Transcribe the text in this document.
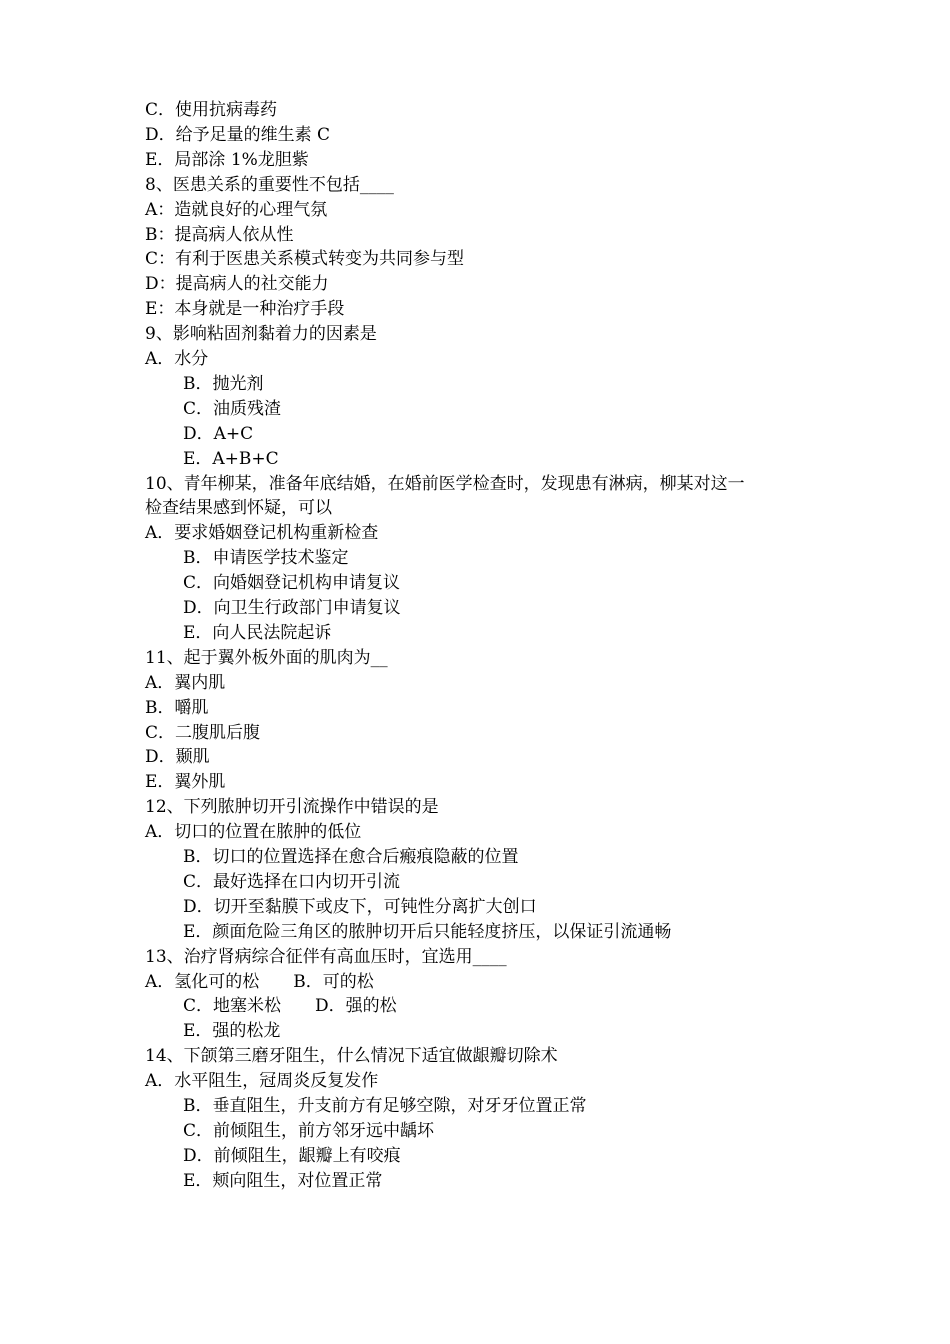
C．使用抗病毒药
D．给予足量的维生素 C
E．局部涂 1%龙胆紫
8、医患关系的重要性不包括____
A：造就良好的心理气氛
B：提高病人依从性
C：有利于医患关系模式转变为共同参与型
D：提高病人的社交能力
E：本身就是一种治疗手段
9、影响粘固剂黏着力的因素是
A．水分
B．抛光剂
C．油质残渣
D．A+C
E．A+B+C
10、青年柳某，准备年底结婚，在婚前医学检查时，发现患有淋病，柳某对这一
检查结果感到怀疑，可以
A．要求婚姻登记机构重新检查
B．申请医学技术鉴定
C．向婚姻登记机构申请复议
D．向卫生行政部门申请复议
E．向人民法院起诉
11、起于翼外板外面的肌肉为__
A．翼内肌
B．嚼肌
C．二腹肌后腹
D．颞肌
E．翼外肌
12、下列脓肿切开引流操作中错误的是
A．切口的位置在脓肿的低位
B．切口的位置选择在愈合后瘢痕隐蔽的位置
C．最好选择在口内切开引流
D．切开至黏膜下或皮下，可钝性分离扩大创口
E．颜面危险三角区的脓肿切开后只能轻度挤压，以保证引流通畅
13、治疗肾病综合征伴有高血压时，宜选用____
A．氢化可的松　　B．可的松
C．地塞米松　　D．强的松
E．强的松龙
14、下颌第三磨牙阻生，什么情况下适宜做龈瓣切除术
A．水平阻生，冠周炎反复发作
B．垂直阻生，升支前方有足够空隙，对牙牙位置正常
C．前倾阻生，前方邻牙远中龋坏
D．前倾阻生，龈瓣上有咬痕
E．颊向阻生，对位置正常
